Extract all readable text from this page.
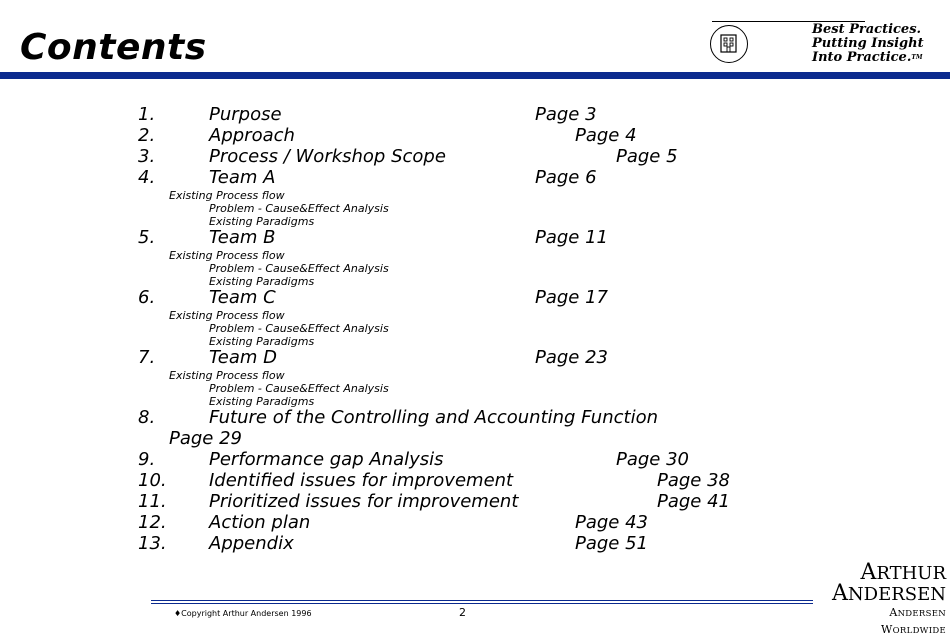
Contents	Best Practices.
Putting Insight
Into Practice.™
1.	Purpose	Page 3
2.	Approach	Page 4
3.	Process / Workshop Scope	Page 5
4.	Team A	Page 6
Existing Process flow
Problem - Cause&Effect Analysis
Existing Paradigms
5.	Team B	Page 11
Existing Process flow
Problem - Cause&Effect Analysis
Existing Paradigms
6.	Team C	Page 17
Existing Process flow
Problem - Cause&Effect Analysis
Existing Paradigms
7.	Team D	Page 23
Existing Process flow
Problem - Cause&Effect Analysis
Existing Paradigms
8.	Future of the Controlling and Accounting Function
Page 29
9.	Performance gap Analysis	Page 30
10. Identified issues for improvement	Page 38
11. Prioritized issues for improvement	Page 41
12. Action plan	Page 43
13. Appendix	Page 51
♦Copyright Arthur Andersen 1996	2
ARTHUR
ANDERSEN
ANDERSEN WORLDWIDE
